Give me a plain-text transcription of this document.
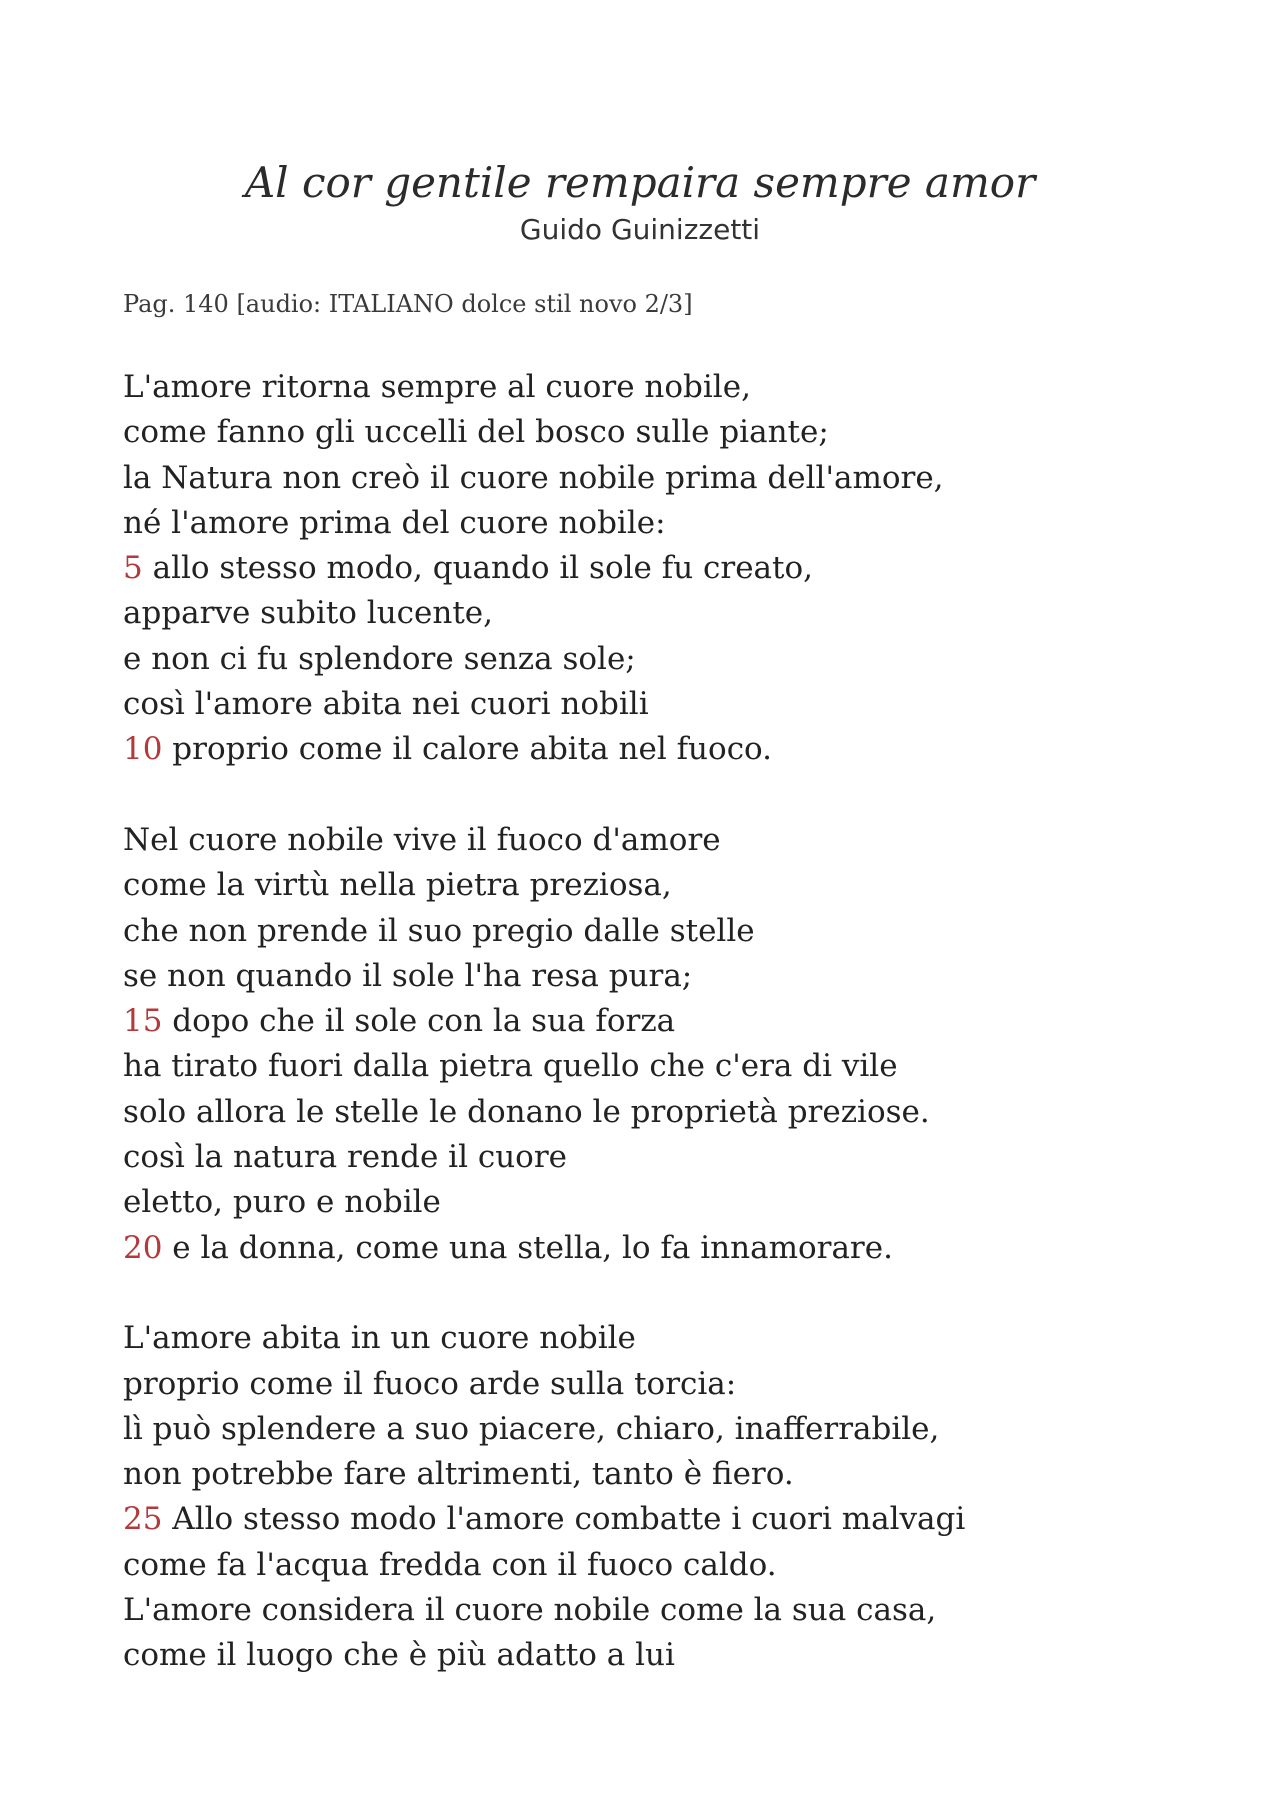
Al cor gentile rempaira sempre amor
Guido Guinizzetti
Pag. 140 [audio: ITALIANO dolce stil novo 2/3]
L'amore ritorna sempre al cuore nobile,
come fanno gli uccelli del bosco sulle piante;
la Natura non creò il cuore nobile prima dell'amore,
né l'amore prima del cuore nobile:
5 allo stesso modo, quando il sole fu creato,
apparve subito lucente,
e non ci fu splendore senza sole;
così l'amore abita nei cuori nobili
10 proprio come il calore abita nel fuoco.
Nel cuore nobile vive il fuoco d'amore
come la virtù nella pietra preziosa,
che non prende il suo pregio dalle stelle
se non quando il sole l'ha resa pura;
15 dopo che il sole con la sua forza
ha tirato fuori dalla pietra quello che c'era di vile
solo allora le stelle le donano le proprietà preziose.
così la natura rende il cuore
eletto, puro e nobile
20 e la donna, come una stella, lo fa innamorare.
L'amore abita in un cuore nobile
proprio come il fuoco arde sulla torcia:
lì può splendere a suo piacere, chiaro, inafferrabile,
non potrebbe fare altrimenti, tanto è fiero.
25 Allo stesso modo l'amore combatte i cuori malvagi
come fa l'acqua fredda con il fuoco caldo.
L'amore considera il cuore nobile come la sua casa,
come il luogo che è più adatto a lui
